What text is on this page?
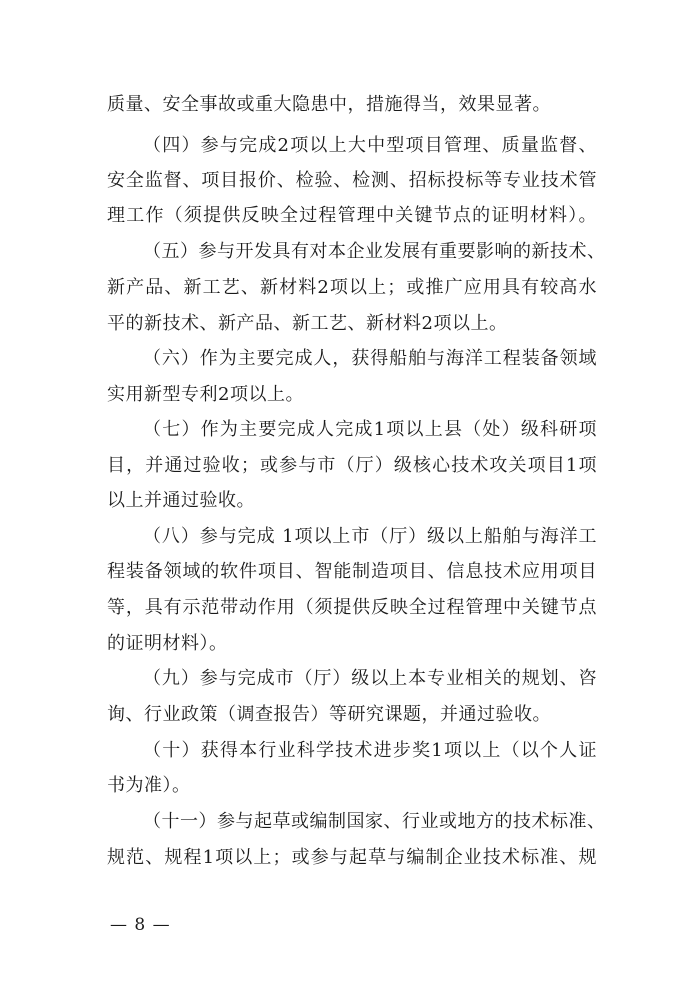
质量、安全事故或重大隐患中，措施得当，效果显著。
（四）参与完成2项以上大中型项目管理、质量监督、
安全监督、项目报价、检验、检测、招标投标等专业技术管
理工作（须提供反映全过程管理中关键节点的证明材料）。
（五）参与开发具有对本企业发展有重要影响的新技术、
新产品、新工艺、新材料2项以上；或推广应用具有较高水
平的新技术、新产品、新工艺、新材料2项以上。
（六）作为主要完成人，获得船舶与海洋工程装备领域
实用新型专利2项以上。
（七）作为主要完成人完成1项以上县（处）级科研项
目，并通过验收；或参与市（厅）级核心技术攻关项目1项
以上并通过验收。
（八）参与完成 1项以上市（厅）级以上船舶与海洋工
程装备领域的软件项目、智能制造项目、信息技术应用项目
等，具有示范带动作用（须提供反映全过程管理中关键节点
的证明材料）。
（九）参与完成市（厅）级以上本专业相关的规划、咨
询、行业政策（调查报告）等研究课题，并通过验收。
（十）获得本行业科学技术进步奖1项以上（以个人证
书为准）。
（十一）参与起草或编制国家、行业或地方的技术标准、
规范、规程1项以上；或参与起草与编制企业技术标准、规
— 8 —
